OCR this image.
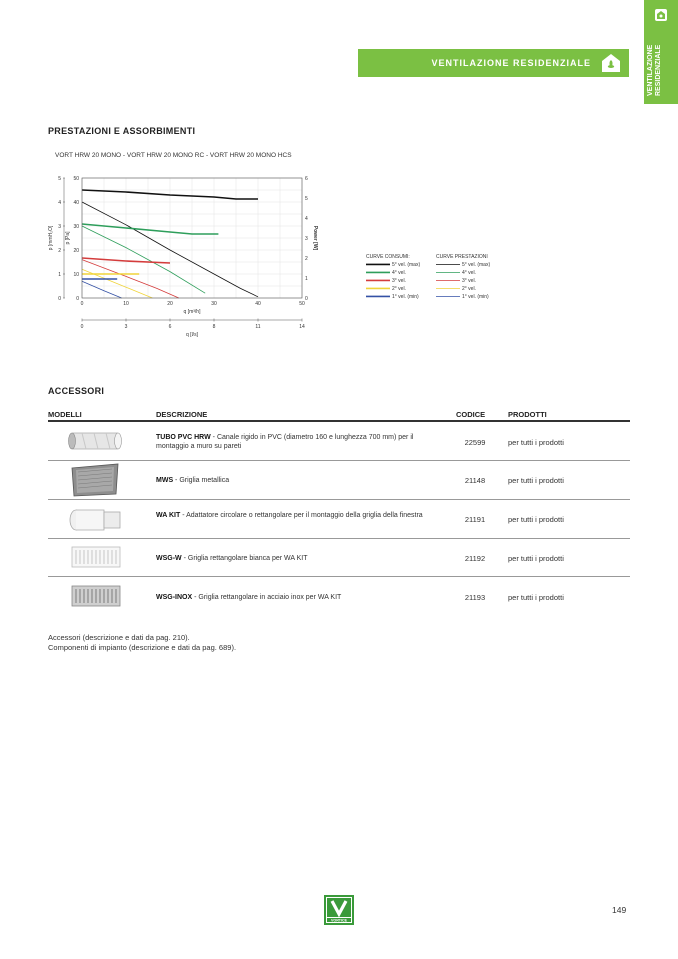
VENTILAZIONE RESIDENZIALE
VENTILAZIONE RESIDENZIALE
PRESTAZIONI E ASSORBIMENTI
VORT HRW 20 MONO - VORT HRW 20 MONO RC - VORT HRW 20 MONO HCS
0
10
20
30
40
50
0
1
2
3
4
5
0
1
2
3
4
5
6
0	10	20	30	40	50
q [m³/h]
0	3	6	8	11	14
q [l/s]
p [mmH₂O] p [Pa]	Power [W]
CURVE CONSUMI:	CURVE PRESTAZIONI
5° vel. (max)	5° vel. (max)
4° vel.	4° vel.
3° vel.	3° vel.
2° vel.	2° vel.
1° vel. (min)	1° vel. (min)
ACCESSORI
MODELLI	DESCRIZIONE	CODICE	PRODOTTI
TUBO PVC HRW - Canale rigido in PVC (diametro 160 e lunghezza 700 mm) per il montaggio a muro su pareti	22599	per tutti i prodotti
MWS - Griglia metallica	21148	per tutti i prodotti
WA KIT - Adattatore circolare o rettangolare per il montaggio della griglia della finestra	21191	per tutti i prodotti
WSG-W - Griglia rettangolare bianca per WA KIT	21192	per tutti i prodotti
WSG-INOX - Griglia rettangolare in acciaio inox per WA KIT	21193	per tutti i prodotti
Accessori (descrizione e dati da pag. 210).
Componenti di impianto (descrizione e dati da pag. 689).
VORTICE
149
